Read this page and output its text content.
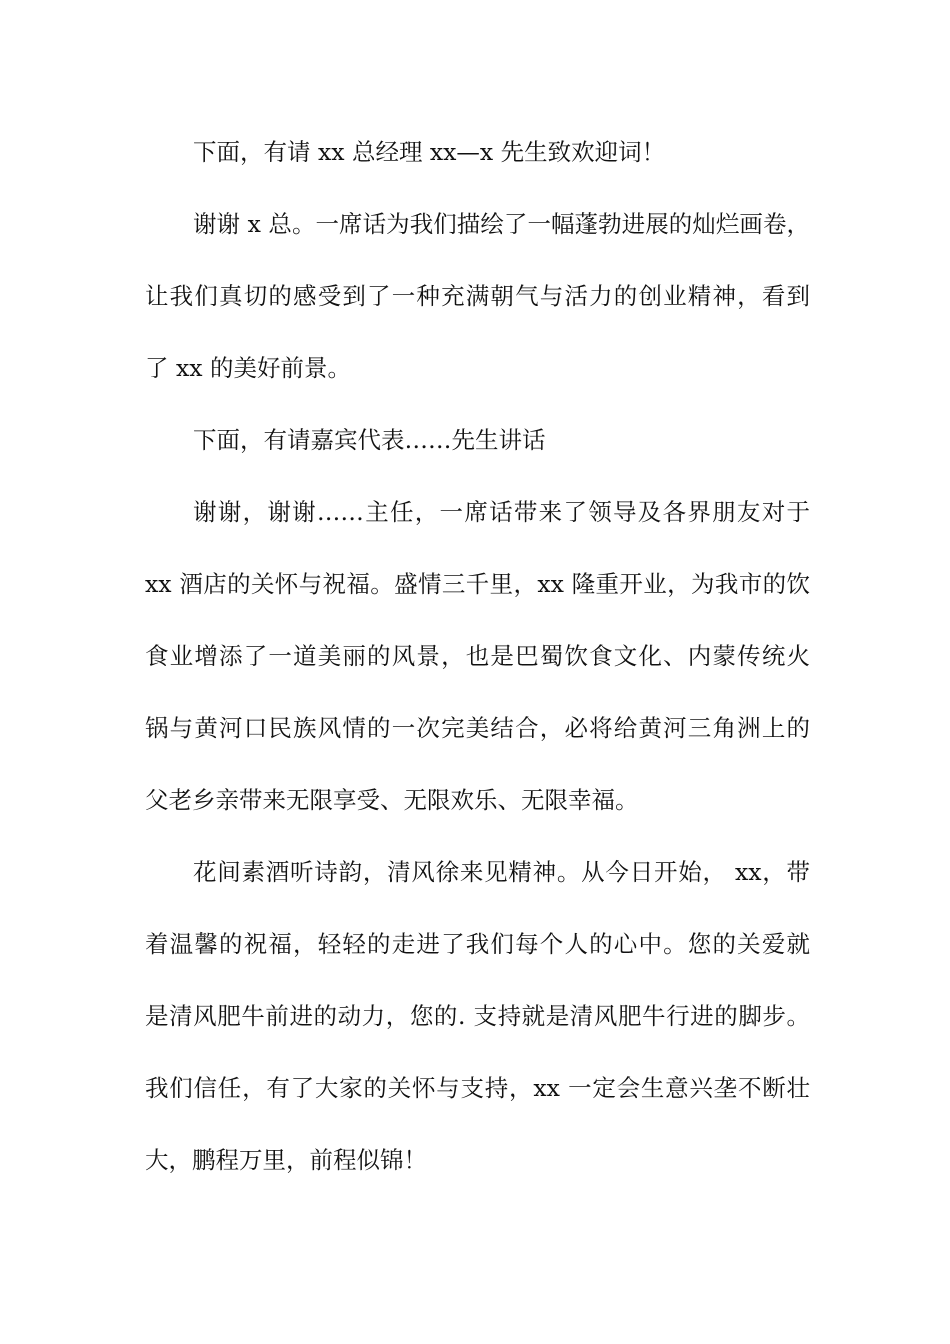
下面，有请 xx 总经理 xx—x 先生致欢迎词！
谢谢 x 总。一席话为我们描绘了一幅蓬勃进展的灿烂画卷，
让我们真切的感受到了一种充满朝气与活力的创业精神，看到
了 xx 的美好前景。
下面，有请嘉宾代表……先生讲话
谢谢，谢谢……主任，一席话带来了领导及各界朋友对于
xx 酒店的关怀与祝福。盛情三千里，xx 隆重开业，为我市的饮
食业增添了一道美丽的风景，也是巴蜀饮食文化、内蒙传统火
锅与黄河口民族风情的一次完美结合，必将给黄河三角洲上的
父老乡亲带来无限享受、无限欢乐、无限幸福。
花间素酒听诗韵，清风徐来见精神。从今日开始， xx，带
着温馨的祝福，轻轻的走进了我们每个人的心中。您的关爱就
是清风肥牛前进的动力，您的. 支持就是清风肥牛行进的脚步。
我们信任，有了大家的关怀与支持，xx 一定会生意兴垄不断壮
大，鹏程万里，前程似锦！
